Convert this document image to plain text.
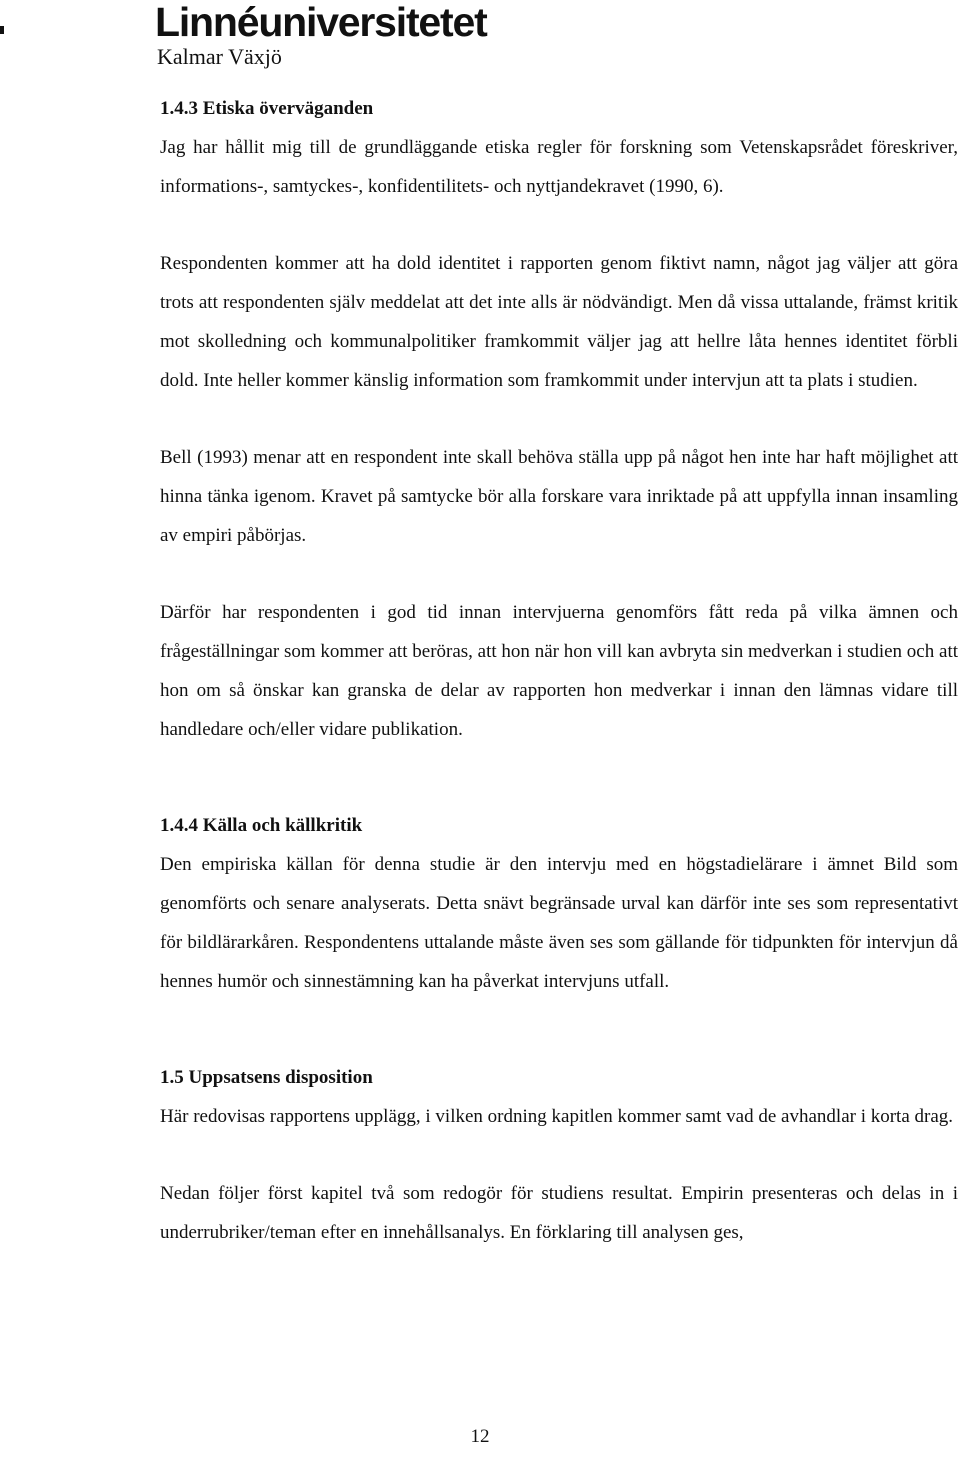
Linnéuniversitetet
Kalmar Växjö
1.4.3 Etiska överväganden

Jag har hållit mig till de grundläggande etiska regler för forskning som Vetenskapsrådet föreskriver, informations-, samtyckes-, konfidentilitets- och nyttjandekravet (1990, 6).

Respondenten kommer att ha dold identitet i rapporten genom fiktivt namn, något jag väljer att göra trots att respondenten själv meddelat att det inte alls är nödvändigt. Men då vissa uttalande, främst kritik mot skolledning och kommunalpolitiker framkommit väljer jag att hellre låta hennes identitet förbli dold. Inte heller kommer känslig information som framkommit under intervjun att ta plats i studien.

Bell (1993) menar att en respondent inte skall behöva ställa upp på något hen inte har haft möjlighet att hinna tänka igenom. Kravet på samtycke bör alla forskare vara inriktade på att uppfylla innan insamling av empiri påbörjas.

Därför har respondenten i god tid innan intervjuerna genomförs fått reda på vilka ämnen och frågeställningar som kommer att beröras, att hon när hon vill kan avbryta sin medverkan i studien och att hon om så önskar kan granska de delar av rapporten hon medverkar i innan den lämnas vidare till handledare och/eller vidare publikation.

1.4.4 Källa och källkritik

Den empiriska källan för denna studie är den intervju med en högstadielärare i ämnet Bild som genomförts och senare analyserats. Detta snävt begränsade urval kan därför inte ses som representativt för bildlärarkåren. Respondentens uttalande måste även ses som gällande för tidpunkten för intervjun då hennes humör och sinnestämning kan ha påverkat intervjuns utfall.

1.5 Uppsatsens disposition

Här redovisas rapportens upplägg, i vilken ordning kapitlen kommer samt vad de avhandlar i korta drag.

Nedan följer först kapitel två som redogör för studiens resultat. Empirin presenteras och delas in i underrubriker/teman efter en innehållsanalys. En förklaring till analysen ges,

12
